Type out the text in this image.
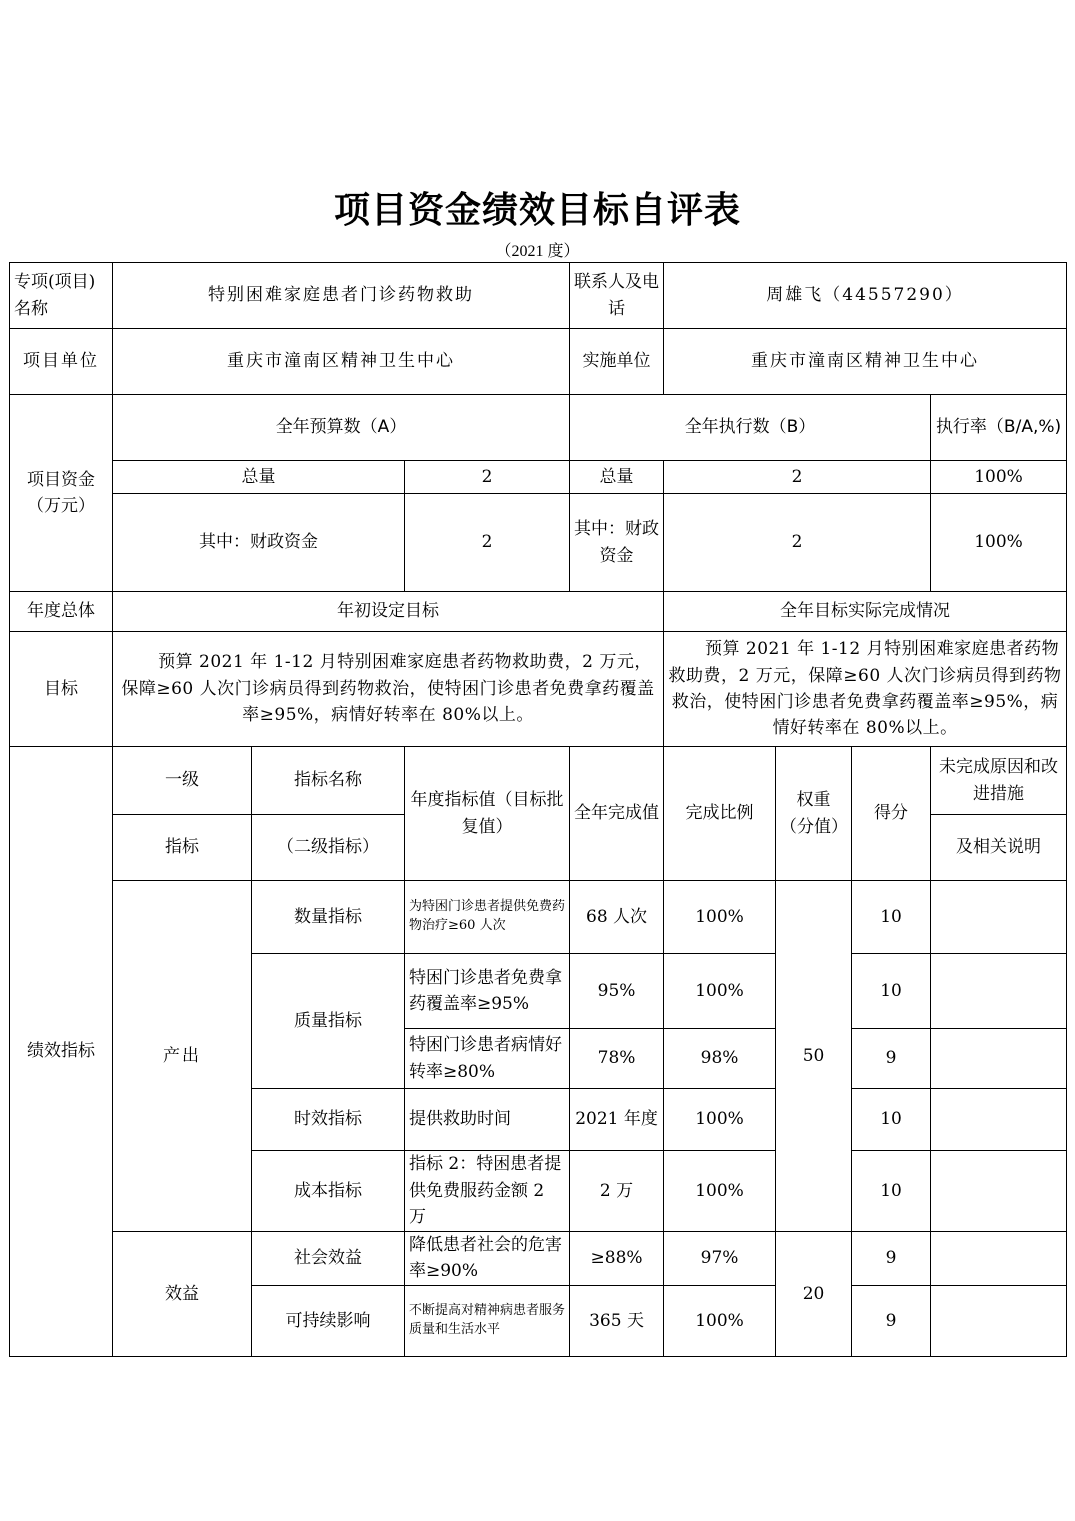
项目资金绩效目标自评表
（2021 度）
专项(项目)名称	特别困难家庭患者门诊药物救助			联系人及电话	周雄飞（44557290）			
项目单位	重庆市潼南区精神卫生中心			实施单位	重庆市潼南区精神卫生中心			
项目资金（万元）	全年预算数（A）			全年执行数（B）				执行率（B/A,%)
	总量		2	总量	2			100%
	其中：财政资金		2	其中：财政资金	2			100%
年度总体	年初设定目标				全年目标实际完成情况			
目标	预算 2021 年 1-12 月特别困难家庭患者药物救助费，2 万元，保障≥60 人次门诊病员得到药物救治，使特困门诊患者免费拿药覆盖率≥95%，病情好转率在 80%以上。				预算 2021 年 1-12 月特别困难家庭患者药物救助费，2 万元，保障≥60 人次门诊病员得到药物救治，使特困门诊患者免费拿药覆盖率≥95%，病情好转率在 80%以上。			
绩效指标	一级	指标名称	年度指标值（目标批复值）	全年完成值	完成比例	权重（分值）	得分	未完成原因和改进措施
	指标	（二级指标）						及相关说明
	产出	数量指标	为特困门诊患者提供免费药物治疗≥60 人次	68 人次	100%	50	10	
		质量指标	特困门诊患者免费拿药覆盖率≥95%	95%	100%		10	
			特困门诊患者病情好转率≥80%	78%	98%		9	
		时效指标	提供救助时间	2021 年度	100%		10	
		成本指标	指标 2：特困患者提供免费服药金额 2 万	2 万	100%		10	
	效益	社会效益	降低患者社会的危害率≥90%	≥88%	97%	20	9	
		可持续影响	不断提高对精神病患者服务质量和生活水平	365 天	100%		9	
